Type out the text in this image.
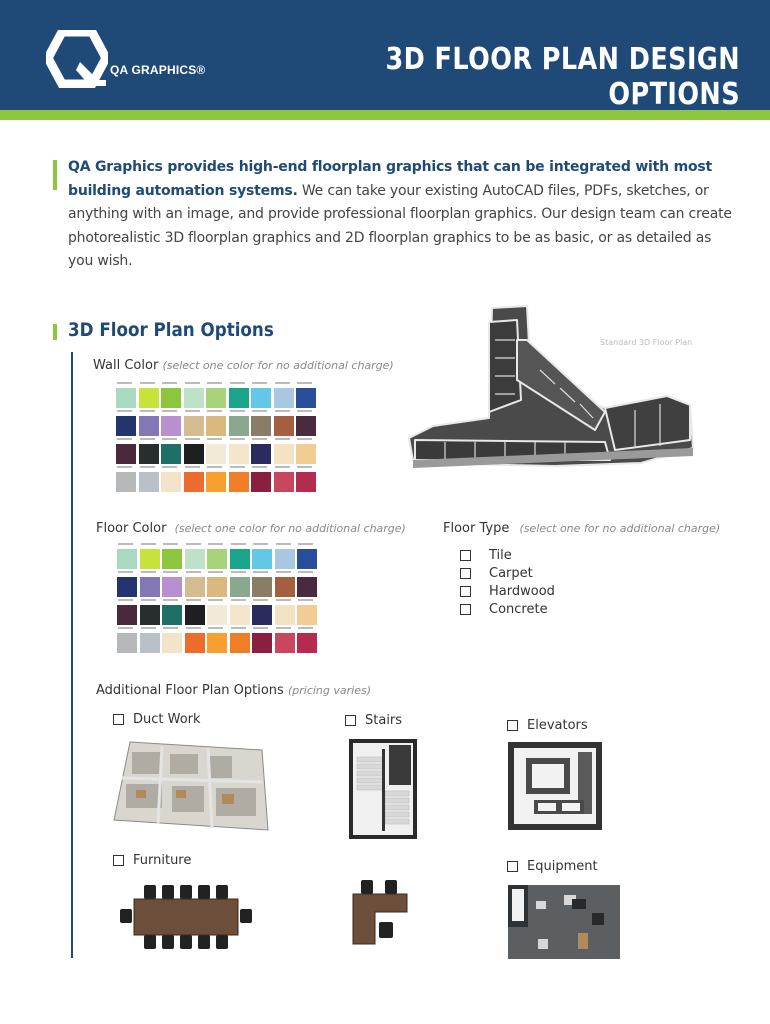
QA GRAPHICS®	3D FLOOR PLAN DESIGN OPTIONS
QA Graphics provides high-end floorplan graphics that can be integrated with most building automation systems. We can take your existing AutoCAD files, PDFs, sketches, or anything with an image, and provide professional floorplan graphics. Our design team can create photorealistic 3D floorplan graphics and 2D floorplan graphics to be as basic, or as detailed as you wish.
3D Floor Plan Options
Wall Color (select one color for no additional charge)
Standard 3D Floor Plan
Floor Color (select one color for no additional charge)	Floor Type (select one for no additional charge)
Tile
Carpet
Hardwood
Concrete
Additional Floor Plan Options (pricing varies)
Duct Work	Stairs	Elevators
Furniture	Equipment
